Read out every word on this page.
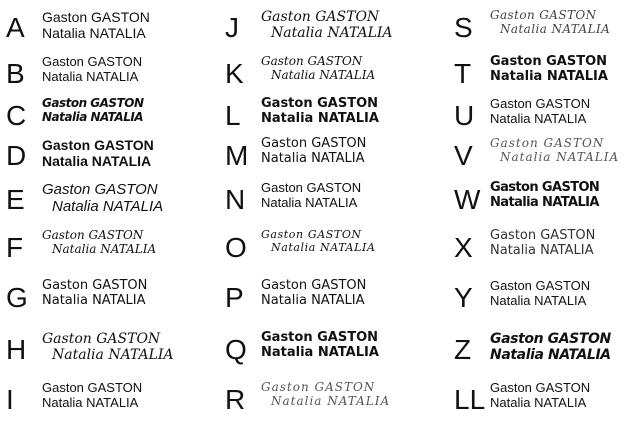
A Gaston GASTON
Natalia NATALIA
B Gaston GASTON
Natalia NATALIA
C Gaston GASTON
Natalia NATALIA
D Gaston GASTON
Natalia NATALIA
E Gaston GASTON
Natalia NATALIA
F Gaston GASTON
Natalia NATALIA
G Gaston GASTON
Natalia NATALIA
H Gaston GASTON
Natalia NATALIA
I Gaston GASTON
Natalia NATALIA
J Gaston GASTON
Natalia NATALIA
K Gaston GASTON
Natalia NATALIA
L Gaston GASTON
Natalia NATALIA
M Gaston GASTON
Natalia NATALIA
N Gaston GASTON
Natalia NATALIA
O Gaston GASTON
Natalia NATALIA
P Gaston GASTON
Natalia NATALIA
Q Gaston GASTON
Natalia NATALIA
R Gaston GASTON
Natalia NATALIA
S Gaston GASTON
Natalia NATALIA
T Gaston GASTON
Natalia NATALIA
U Gaston GASTON
Natalia NATALIA
V Gaston GASTON
Natalia NATALIA
W Gaston GASTON
Natalia NATALIA
X Gaston GASTON
Natalia NATALIA
Y Gaston GASTON
Natalia NATALIA
Z Gaston GASTON
Natalia NATALIA
LL Gaston GASTON
Natalia NATALIA
